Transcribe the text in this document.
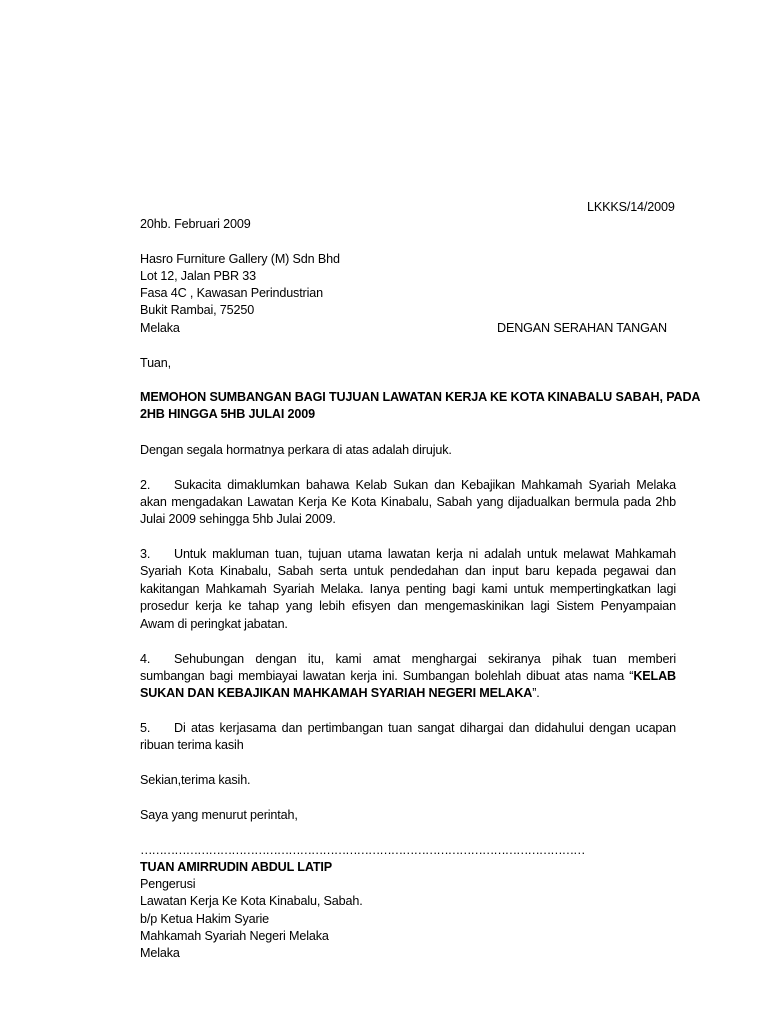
LKKKS/14/2009
20hb. Februari 2009
Hasro Furniture Gallery (M) Sdn Bhd
Lot 12, Jalan PBR 33
Fasa 4C , Kawasan Perindustrian
Bukit Rambai, 75250
Melaka	DENGAN SERAHAN TANGAN
Tuan,
MEMOHON SUMBANGAN BAGI TUJUAN LAWATAN KERJA KE KOTA KINABALU SABAH, PADA
2HB HINGGA 5HB JULAI 2009
Dengan segala hormatnya perkara di atas adalah dirujuk.
2. Sukacita dimaklumkan bahawa Kelab Sukan dan Kebajikan Mahkamah Syariah Melaka
akan mengadakan Lawatan Kerja Ke Kota Kinabalu, Sabah yang dijadualkan bermula pada 2hb
Julai 2009 sehingga 5hb Julai 2009.
3. Untuk makluman tuan, tujuan utama lawatan kerja ni adalah untuk melawat Mahkamah
Syariah Kota Kinabalu, Sabah serta untuk pendedahan dan input baru kepada pegawai dan
kakitangan Mahkamah Syariah Melaka. Ianya penting bagi kami untuk mempertingkatkan lagi
prosedur kerja ke tahap yang lebih efisyen dan mengemaskinikan lagi Sistem Penyampaian
Awam di peringkat jabatan.
4. Sehubungan dengan itu, kami amat menghargai sekiranya pihak tuan memberi
sumbangan bagi membiayai lawatan kerja ini. Sumbangan bolehlah dibuat atas nama “KELAB
SUKAN DAN KEBAJIKAN MAHKAMAH SYARIAH NEGERI MELAKA”.
5. Di atas kerjasama dan pertimbangan tuan sangat dihargai dan didahului dengan ucapan
ribuan terima kasih
Sekian,terima kasih.
Saya yang menurut perintah,
………………………………………………………………………………………………………
TUAN AMIRRUDIN ABDUL LATIP
Pengerusi
Lawatan Kerja Ke Kota Kinabalu, Sabah.
b/p Ketua Hakim Syarie
Mahkamah Syariah Negeri Melaka
Melaka
